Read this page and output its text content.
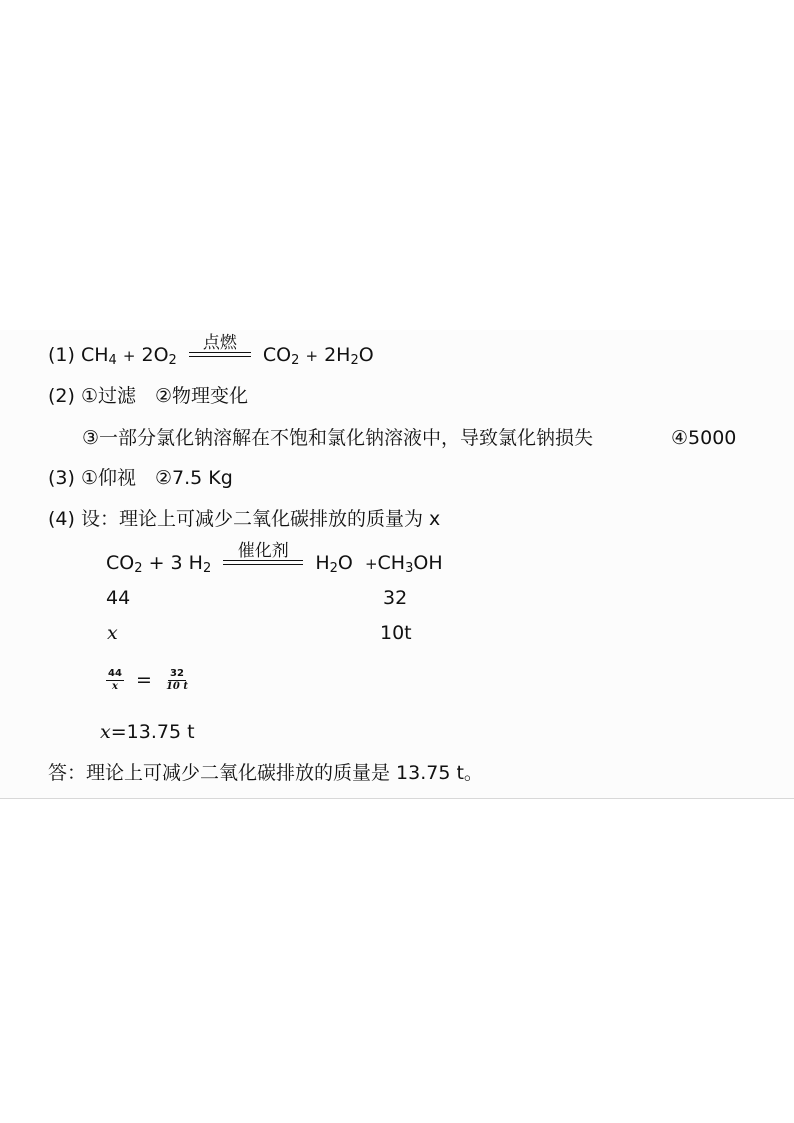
(1) $CH_4 + 2O_2$
点燃
$CO_2 + 2H_2O$
(2) ①过滤　②物理变化
③一部分氯化钠溶解在不饱和氯化钠溶液中，导致氯化钠损失	④5000
(3) ①仰视　②7.5 Kg
(4) 设：理论上可减少二氧化碳排放的质量为 x
$CO_2 + 3$ $H_2$
催化剂
$H_2O +CH_3OH$
44	32
x	10t
$\frac{44}{x} = \frac{32}{10 t}$
x=13.75 t
答：理论上可减少二氧化碳排放的质量是 13.75 t。
